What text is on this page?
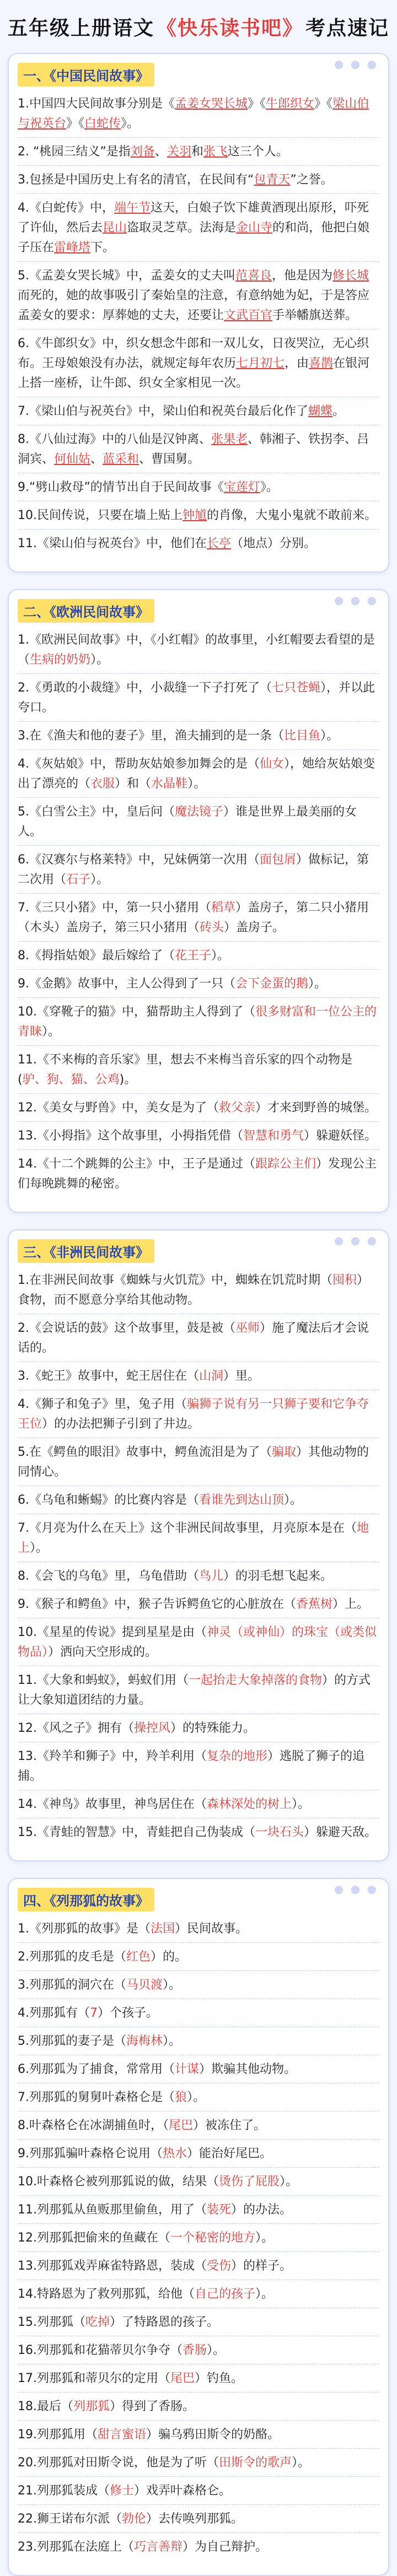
五年级上册语文 《快乐读书吧》 考点速记
● ● ●
一、《中国民间故事》
1.中国四大民间故事分别是《孟姜女哭长城》《牛郎织女》《梁山伯与祝英台》《白蛇传》。
2. “桃园三结义”是指刘备、关羽和张飞这三个人。
3.包拯是中国历史上有名的清官，在民间有“包青天”之誉。
4.《白蛇传》中，端午节这天，白娘子饮下雄黄酒现出原形，吓死了许仙，然后去昆山盗取灵芝草。法海是金山寺的和尚，他把白娘子压在雷峰塔下。
5.《孟姜女哭长城》中，孟姜女的丈夫叫范喜良，他是因为修长城而死的，她的故事吸引了秦始皇的注意，有意纳她为妃，于是答应孟姜女的要求：厚葬她的丈夫，还要让文武百官手举幡旗送葬。
6.《牛郎织女》中，织女想念牛郎和一双儿女，日夜哭泣，无心织布。王母娘娘没有办法，就规定每年农历七月初七，由喜鹊在银河上搭一座桥，让牛郎、织女全家相见一次。
7.《梁山伯与祝英台》中，梁山伯和祝英台最后化作了蝴蝶。
8.《八仙过海》中的八仙是汉钟离、张果老、韩湘子、铁拐李、吕洞宾、何仙姑、蓝采和、曹国舅。
9.“劈山救母”的情节出自于民间故事《宝莲灯》。
10.民间传说，只要在墙上贴上钟馗的肖像，大鬼小鬼就不敢前来。
11.《梁山伯与祝英台》中，他们在长亭（地点）分别。
● ● ●
二、《欧洲民间故事》
1.《欧洲民间故事》中，《小红帽》的故事里，小红帽要去看望的是（生病的奶奶）。
2.《勇敢的小裁缝》中，小裁缝一下子打死了（七只苍蝇），并以此夸口。
3.在《渔夫和他的妻子》里，渔夫捕到的是一条（比目鱼）。
4.《灰姑娘》中，帮助灰姑娘参加舞会的是（仙女），她给灰姑娘变出了漂亮的（衣服）和（水晶鞋）。
5.《白雪公主》中，皇后问（魔法镜子）谁是世界上最美丽的女人。
6.《汉赛尔与格莱特》中，兄妹俩第一次用（面包屑）做标记，第二次用（石子）。
7.《三只小猪》中，第一只小猪用（稻草）盖房子，第二只小猪用（木头）盖房子，第三只小猪用（砖头）盖房子。
8.《拇指姑娘》最后嫁给了（花王子）。
9.《金鹅》故事中，主人公得到了一只（会下金蛋的鹅）。
10.《穿靴子的猫》中，猫帮助主人得到了（很多财富和一位公主的青睐）。
11.《不来梅的音乐家》里，想去不来梅当音乐家的四个动物是(驴、狗、猫、公鸡)。
12.《美女与野兽》中，美女是为了（救父亲）才来到野兽的城堡。
13.《小拇指》这个故事里，小拇指凭借（智慧和勇气）躲避妖怪。
14.《十二个跳舞的公主》中，王子是通过（跟踪公主们）发现公主们每晚跳舞的秘密。
● ● ●
三、《非洲民间故事》
1.在非洲民间故事《蜘蛛与火饥荒》中，蜘蛛在饥荒时期（囤积）食物，而不愿意分享给其他动物。
2.《会说话的鼓》这个故事里，鼓是被（巫师）施了魔法后才会说话的。
3.《蛇王》故事中，蛇王居住在（山洞）里。
4.《狮子和兔子》里，兔子用（骗狮子说有另一只狮子要和它争夺王位）的办法把狮子引到了井边。
5.在《鳄鱼的眼泪》故事中，鳄鱼流泪是为了（骗取）其他动物的同情心。
6.《乌龟和蜥蜴》的比赛内容是（看谁先到达山顶）。
7.《月亮为什么在天上》这个非洲民间故事里，月亮原本是在（地上）。
8.《会飞的乌龟》里，乌龟借助（鸟儿）的羽毛想飞起来。
9.《猴子和鳄鱼》中，猴子告诉鳄鱼它的心脏放在（香蕉树）上。
10.《星星的传说》提到星星是由（神灵（或神仙）的珠宝（或类似物品））洒向天空形成的。
11.《大象和蚂蚁》，蚂蚁们用（一起抬走大象掉落的食物）的方式让大象知道团结的力量。
12.《风之子》拥有（操控风）的特殊能力。
13.《羚羊和狮子》中，羚羊利用（复杂的地形）逃脱了狮子的追捕。
14.《神鸟》故事里，神鸟居住在（森林深处的树上）。
15.《青蛙的智慧》中，青蛙把自己伪装成（一块石头）躲避天敌。
● ● ●
四、《列那狐的故事》
1.《列那狐的故事》是（法国）民间故事。
2.列那狐的皮毛是（红色）的。
3.列那狐的洞穴在（马贝渡）。
4.列那狐有（7）个孩子。
5.列那狐的妻子是（海梅林）。
6.列那狐为了捕食，常常用（计谋）欺骗其他动物。
7.列那狐的舅舅叶森格仑是（狼）。
8.叶森格仑在冰湖捕鱼时，（尾巴）被冻住了。
9.列那狐骗叶森格仑说用（热水）能治好尾巴。
10.叶森格仑被列那狐说的做，结果（烫伤了屁股）。
11.列那狐从鱼贩那里偷鱼，用了（装死）的办法。
12.列那狐把偷来的鱼藏在（一个秘密的地方）。
13.列那狐戏弄麻雀特路恩，装成（受伤）的样子。
14.特路恩为了救列那狐，给他（自己的孩子）。
15.列那狐（吃掉）了特路恩的孩子。
16.列那狐和花猫蒂贝尔争夺（香肠）。
17.列那狐和蒂贝尔的定用（尾巴）钓鱼。
18.最后（列那狐）得到了香肠。
19.列那狐用（甜言蜜语）骗乌鸦田斯令的奶酪。
20.列那狐对田斯令说，他是为了听（田斯令的歌声）。
21.列那狐装成（修士）戏弄叶森格仑。
22.狮王诺布尔派（勃伦）去传唤列那狐。
23.列那狐在法庭上（巧言善辩）为自己辩护。
